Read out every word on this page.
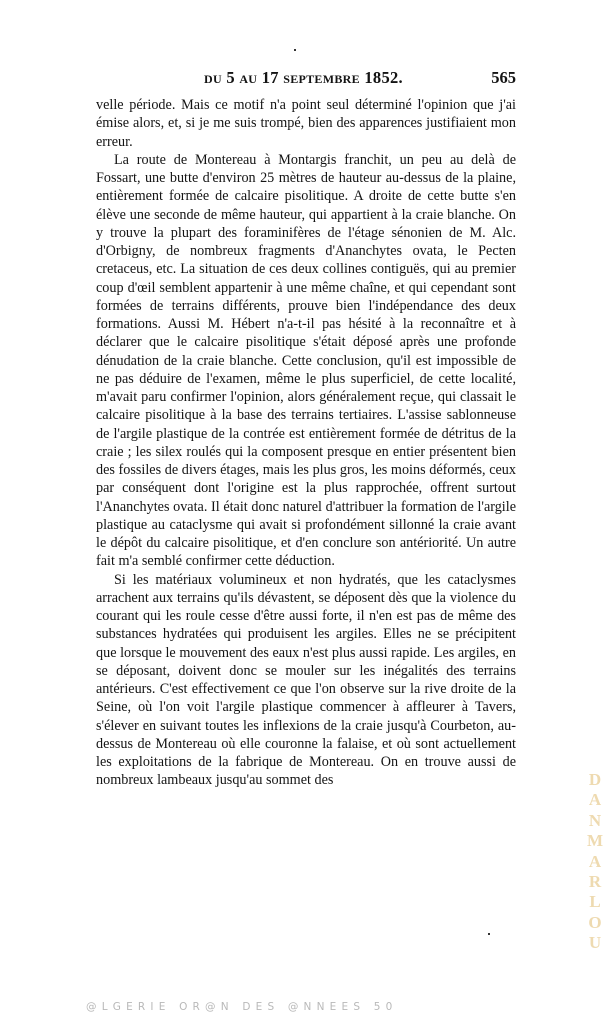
du 5 au 17 septembre 1852.	565

velle période. Mais ce motif n'a point seul déterminé l'opinion que j'ai émise alors, et, si je me suis trompé, bien des apparences justifiaient mon erreur.

La route de Montereau à Montargis franchit, un peu au delà de Fossart, une butte d'environ 25 mètres de hauteur au-dessus de la plaine, entièrement formée de calcaire pisolitique. A droite de cette butte s'en élève une seconde de même hauteur, qui appartient à la craie blanche. On y trouve la plupart des foraminifères de l'étage sénonien de M. Alc. d'Orbigny, de nombreux fragments d'Ananchytes ovata, le Pecten cretaceus, etc. La situation de ces deux collines contiguës, qui au premier coup d'œil semblent appartenir à une même chaîne, et qui cependant sont formées de terrains différents, prouve bien l'indépendance des deux formations. Aussi M. Hébert n'a-t-il pas hésité à la reconnaître et à déclarer que le calcaire pisolitique s'était déposé après une profonde dénudation de la craie blanche. Cette conclusion, qu'il est impossible de ne pas déduire de l'examen, même le plus superficiel, de cette localité, m'avait paru confirmer l'opinion, alors généralement reçue, qui classait le calcaire pisolitique à la base des terrains tertiaires. L'assise sablonneuse de l'argile plastique de la contrée est entièrement formée de détritus de la craie ; les silex roulés qui la composent presque en entier présentent bien des fossiles de divers étages, mais les plus gros, les moins déformés, ceux par conséquent dont l'origine est la plus rapprochée, offrent surtout l'Ananchytes ovata. Il était donc naturel d'attribuer la formation de l'argile plastique au cataclysme qui avait si profondément sillonné la craie avant le dépôt du calcaire pisolitique, et d'en conclure son antériorité. Un autre fait m'a semblé confirmer cette déduction.

Si les matériaux volumineux et non hydratés, que les cataclysmes arrachent aux terrains qu'ils dévastent, se déposent dès que la violence du courant qui les roule cesse d'être aussi forte, il n'en est pas de même des substances hydratées qui produisent les argiles. Elles ne se précipitent que lorsque le mouvement des eaux n'est plus aussi rapide. Les argiles, en se déposant, doivent donc se mouler sur les inégalités des terrains antérieurs. C'est effectivement ce que l'on observe sur la rive droite de la Seine, où l'on voit l'argile plastique commencer à affleurer à Tavers, s'élever en suivant toutes les inflexions de la craie jusqu'à Courbeton, au-dessus de Montereau où elle couronne la falaise, et où sont actuellement les exploitations de la fabrique de Montereau. On en trouve aussi de nombreux lambeaux jusqu'au sommet des

@LGERIE OR@N DES @NNEES 50
DANMARLOU
